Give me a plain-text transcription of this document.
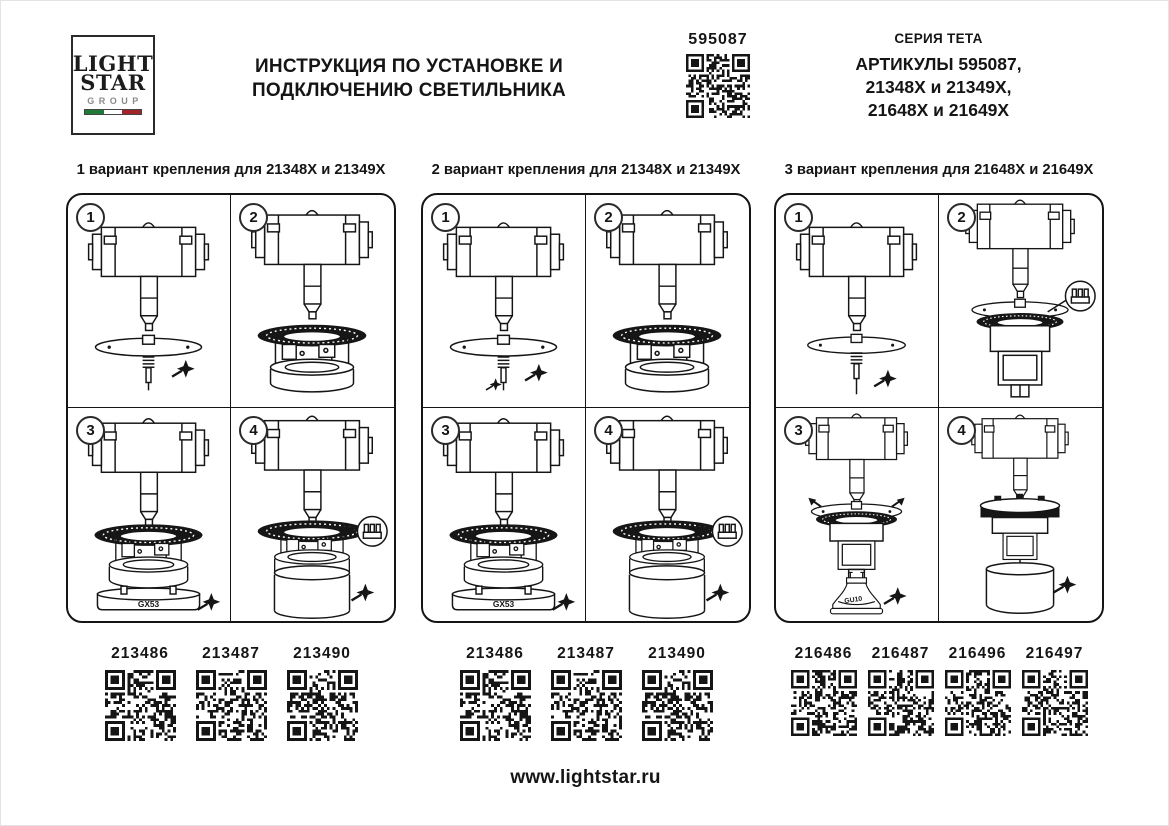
LIGHT
STAR
GROUP
ИНСТРУКЦИЯ ПО УСТАНОВКЕ И
ПОДКЛЮЧЕНИЮ СВЕТИЛЬНИКА
595087	СЕРИЯ ТЕТА
АРТИКУЛЫ 595087,
21348X и 21349X,
21648X и 21649X
1 вариант крепления для 21348X и 21349X	2 вариант крепления для 21348X и 21349X	3 вариант крепления для 21648X и 21649X
1	2
3
GX53
4
1	2
3
GX53
4
1	2
3
GU10
4
213486 213487 213490	213486 213487 213490	216486 216487 216496 216497
www.lightstar.ru
